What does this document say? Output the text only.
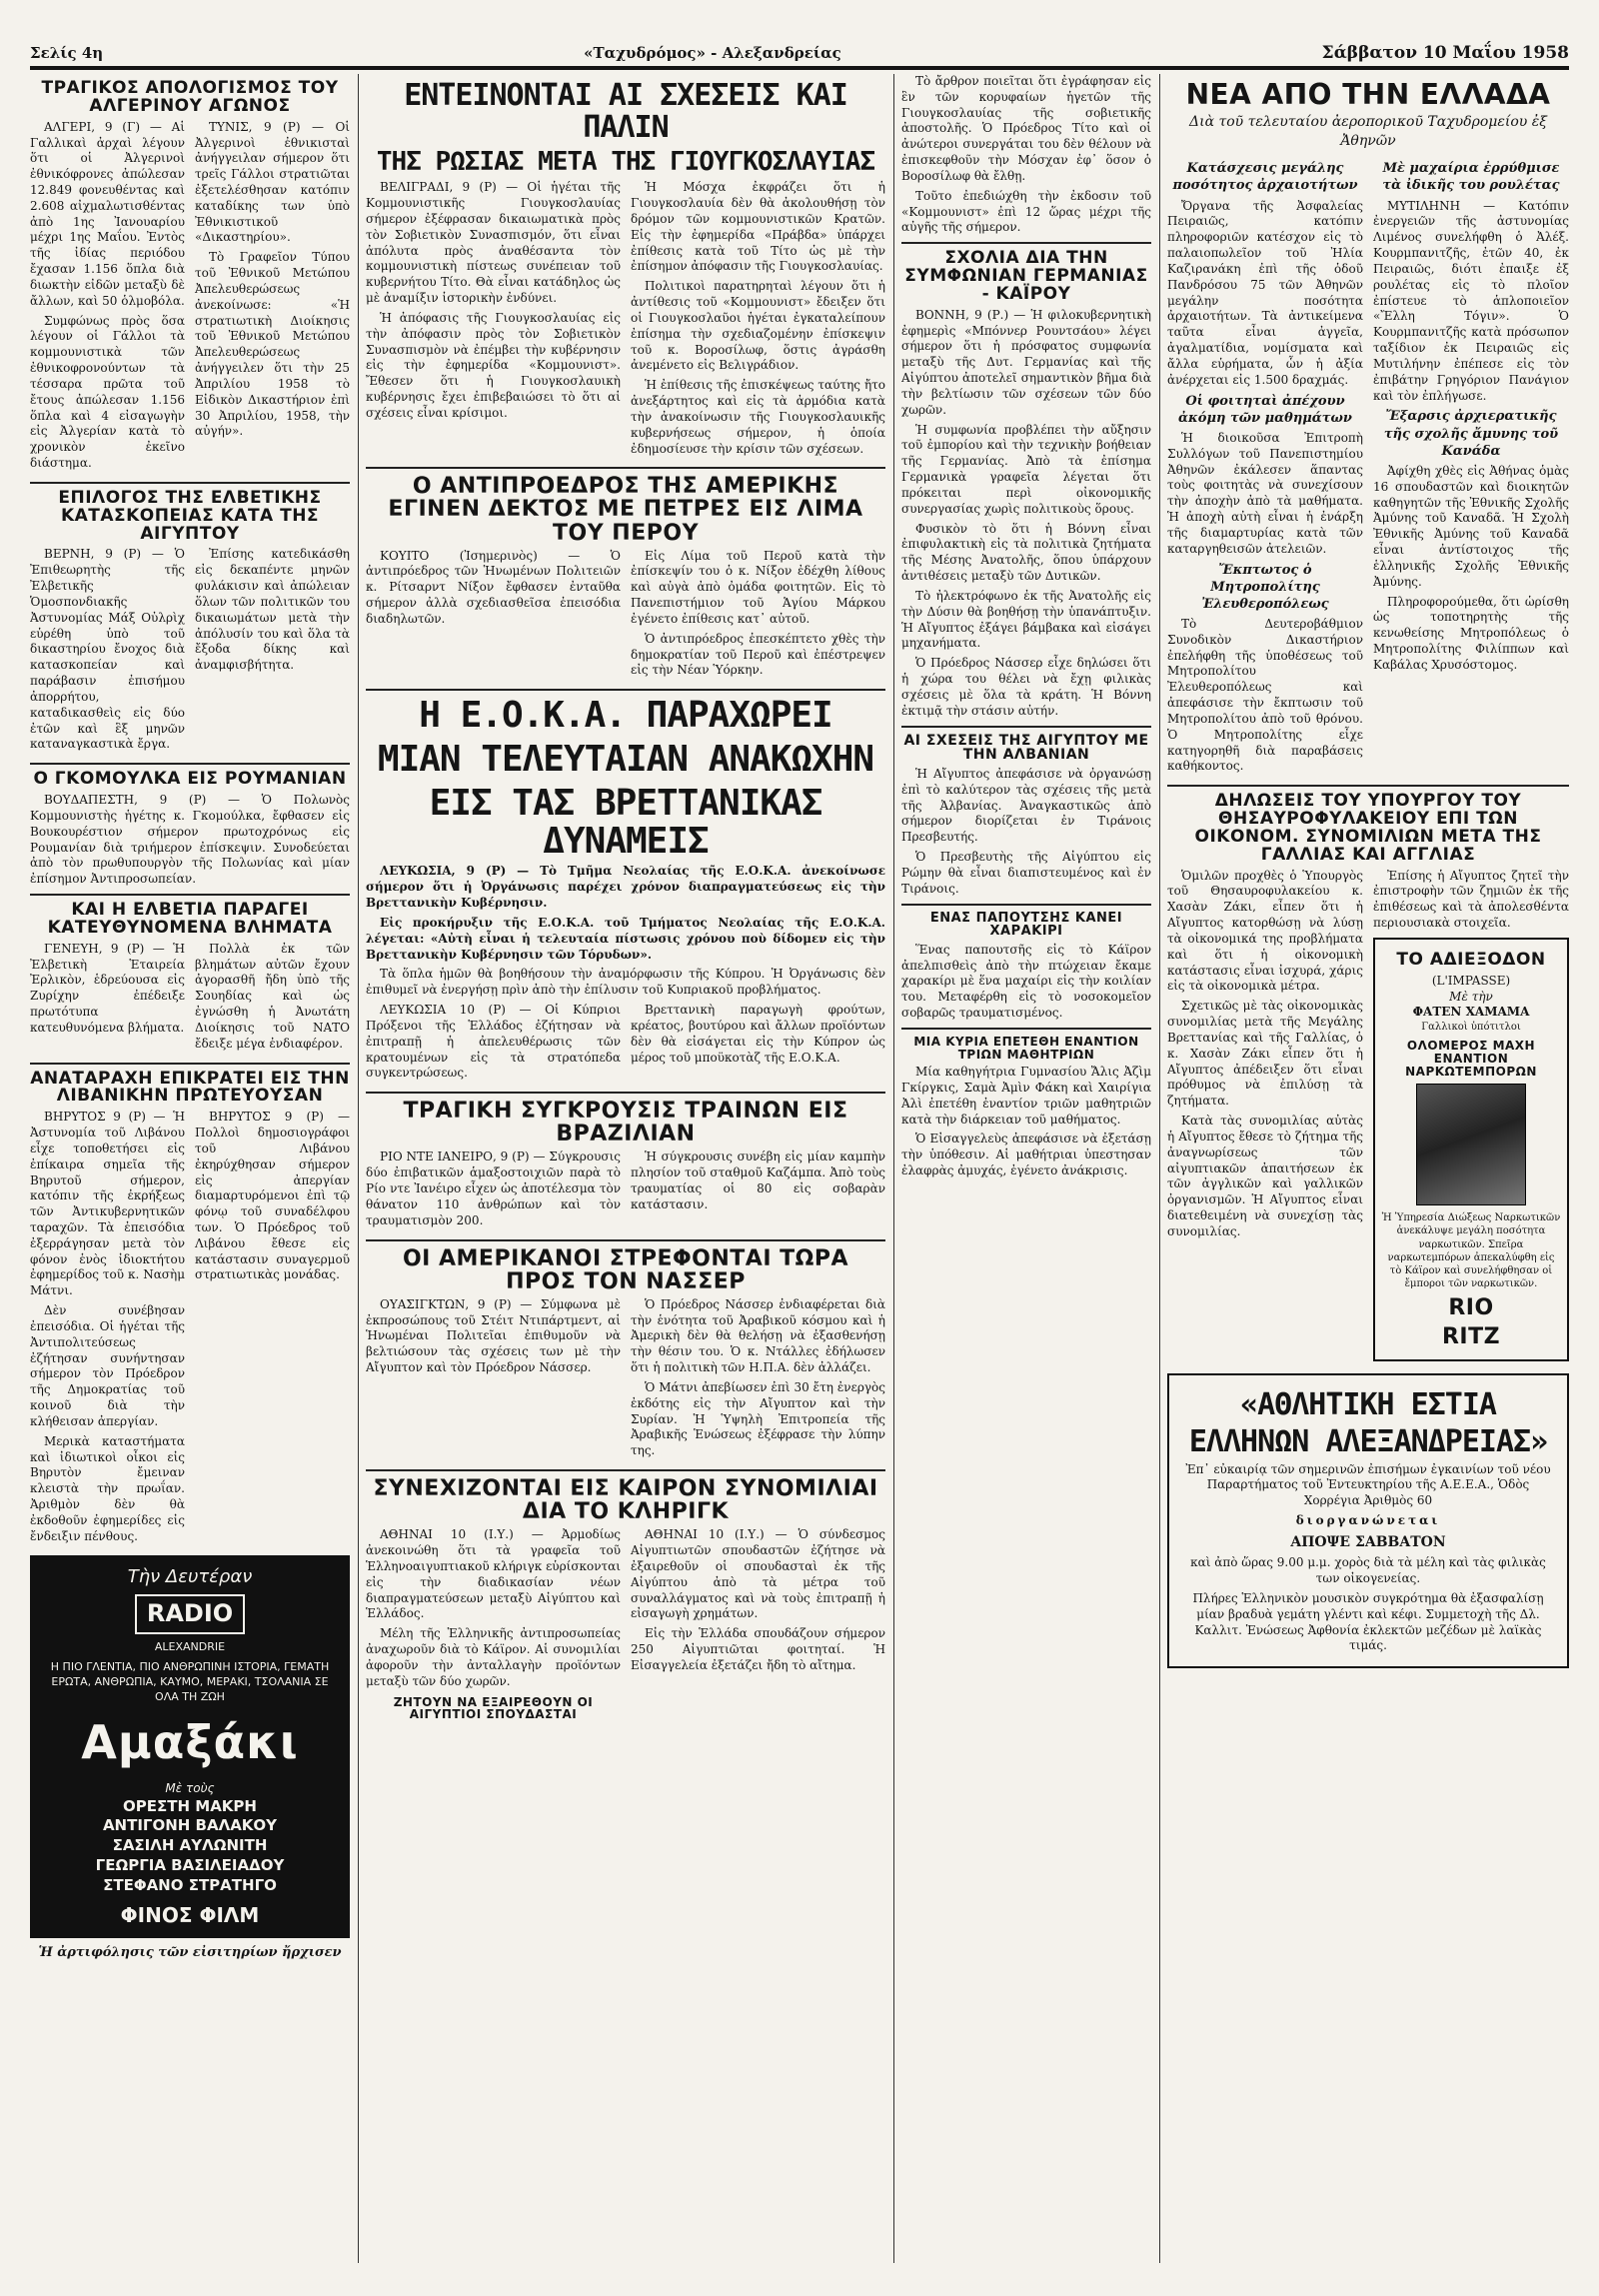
Σελίς 4η	«Ταχυδρόμος» - Αλεξανδρείας	Σάββατον 10 Μαΐου 1958
ΤΡΑΓΙΚΟΣ ΑΠΟΛΟΓΙΣΜΟΣ ΤΟΥ ΑΛΓΕΡΙΝΟΥ ΑΓΩΝΟΣ

ΑΛΓΕΡΙ, 9 (Γ) — Αἱ Γαλλικαὶ ἀρχαὶ λέγουν ὅτι οἱ Ἀλγερινοὶ ἐθνικόφρονες ἀπώλεσαν 12.849 φονευθέντας καὶ 2.608 αἰχμαλωτισθέντας ἀπὸ 1ης Ἰανουαρίου μέχρι 1ης Μαΐου. Ἐντὸς τῆς ἰδίας περιόδου ἔχασαν 1.156 ὅπλα διὰ διωκτὴν εἰδῶν μεταξὺ δὲ ἄλλων, καὶ 50 ὁλμοβόλα.

Συμφώνως πρὸς ὅσα λέγουν οἱ Γάλλοι τὰ κομμουνιστικὰ τῶν ἐθνικοφρονούντων τὰ τέσσαρα πρῶτα τοῦ ἔτους ἀπώλεσαν 1.156 ὅπλα καὶ 4 εἰσαγωγὴν εἰς Ἀλγερίαν κατὰ τὸ χρονικὸν ἐκεῖνο διάστημα.

ΤΥΝΙΣ, 9 (Ρ) — Οἱ Ἀλγερινοὶ ἐθνικισταὶ ἀνήγγειλαν σήμερον ὅτι τρεῖς Γάλλοι στρατιῶται ἐξετελέσθησαν κατόπιν καταδίκης των ὑπὸ Ἐθνικιστικοῦ «Δικαστηρίου».

Τὸ Γραφεῖον Τύπου τοῦ Ἐθνικοῦ Μετώπου Ἀπελευθερώσεως ἀνεκοίνωσε: «Ἡ στρατιωτικὴ Διοίκησις τοῦ Ἐθνικοῦ Μετώπου Ἀπελευθερώσεως ἀνήγγειλεν ὅτι τὴν 25 Ἀπριλίου 1958 τὸ Εἰδικὸν Δικαστήριον ἐπὶ 30 Ἀπριλίου, 1958, τὴν αὐγήν».

ΕΠΙΛΟΓΟΣ ΤΗΣ ΕΛΒΕΤΙΚΗΣ ΚΑΤΑΣΚΟΠΕΙΑΣ ΚΑΤΑ ΤΗΣ ΑΙΓΥΠΤΟΥ

ΒΕΡΝΗ, 9 (Ρ) — Ὁ Ἐπιθεωρητὴς τῆς Ἐλβετικῆς Ὁμοσπονδιακῆς Ἀστυνομίας Μάξ Οὐλρὶχ εὑρέθη ὑπὸ τοῦ δικαστηρίου ἔνοχος διὰ κατασκοπείαν καὶ παράβασιν ἐπισήμου ἀπορρήτου, καταδικασθεὶς εἰς δύο ἐτῶν καὶ ἓξ μηνῶν καταναγκαστικὰ ἔργα.

Ἐπίσης κατεδικάσθη εἰς δεκαπέντε μηνῶν φυλάκισιν καὶ ἀπώλειαν ὅλων τῶν πολιτικῶν του δικαιωμάτων μετὰ τὴν ἀπόλυσίν του καὶ ὅλα τὰ ἔξοδα δίκης καὶ ἀναμφισβήτητα.

Ο ΓΚΟΜΟΥΛΚΑ ΕΙΣ ΡΟΥΜΑΝΙΑΝ

ΒΟΥΔΑΠΕΣΤΗ, 9 (Ρ) — Ὁ Πολωνὸς Κομμουνιστὴς ἡγέτης κ. Γκομούλκα, ἔφθασεν εἰς Βουκουρέστιον σήμερον πρωτοχρόνως εἰς Ρουμανίαν διὰ τριήμερον ἐπίσκεψιν. Συνοδεύεται ἀπὸ τὸν πρωθυπουργὸν τῆς Πολωνίας καὶ μίαν ἐπίσημον Ἀντιπροσωπείαν.

ΚΑΙ Η ΕΛΒΕΤΙΑ ΠΑΡΑΓΕΙ ΚΑΤΕΥΘΥΝΟΜΕΝΑ ΒΛΗΜΑΤΑ

ΓΕΝΕΥΗ, 9 (Ρ) — Ἡ Ἐλβετικὴ Ἑταιρεία Ἐρλικὸν, ἑδρεύουσα εἰς Ζυρίχην ἐπέδειξε πρωτότυπα κατευθυνόμενα βλήματα.

Πολλὰ ἐκ τῶν βλημάτων αὐτῶν ἔχουν ἀγορασθῆ ἤδη ὑπὸ τῆς Σουηδίας καὶ ὡς ἐγνώσθη ἡ Ἀνωτάτη Διοίκησις τοῦ ΝΑΤΟ ἔδειξε μέγα ἐνδιαφέρον.

ΑΝΑΤΑΡΑΧΗ ΕΠΙΚΡΑΤΕΙ ΕΙΣ ΤΗΝ ΛΙΒΑΝΙΚΗΝ ΠΡΩΤΕΥΟΥΣΑΝ

ΒΗΡΥΤΟΣ 9 (Ρ) — Ἡ Ἀστυνομία τοῦ Λιβάνου εἶχε τοποθετήσει εἰς ἐπίκαιρα σημεῖα τῆς Βηρυτοῦ σήμερον, κατόπιν τῆς ἐκρήξεως τῶν Ἀντικυβερνητικῶν ταραχῶν. Τὰ ἐπεισόδια ἐξερράγησαν μετὰ τὸν φόνον ἑνὸς ἰδιοκτήτου ἐφημερίδος τοῦ κ. Νασὴμ Μάτνι.

Δὲν συνέβησαν ἐπεισόδια. Οἱ ἡγέται τῆς Ἀντιπολιτεύσεως ἐζήτησαν συνήντησαν σήμερον τὸν Πρόεδρον τῆς Δημοκρατίας τοῦ κοινοῦ διὰ τὴν κλήθεισαν ἀπεργίαν.

Μερικὰ καταστήματα καὶ ἰδιωτικοὶ οἶκοι εἰς Βηρυτὸν ἔμειναν κλειστὰ τὴν πρωΐαν. Ἀριθμὸν δὲν θὰ ἐκδοθοῦν ἐφημερίδες εἰς ἔνδειξιν πένθους.

ΒΗΡΥΤΟΣ 9 (Ρ) — Πολλοὶ δημοσιογράφοι τοῦ Λιβάνου ἐκηρύχθησαν σήμερον εἰς ἀπεργίαν διαμαρτυρόμενοι ἐπὶ τῷ φόνῳ τοῦ συναδέλφου των. Ὁ Πρόεδρος τοῦ Λιβάνου ἔθεσε εἰς κατάστασιν συναγερμοῦ στρατιωτικὰς μονάδας.

Τὴν Δευτέραν
RADIO
ALEXANDRIE
Η ΠΙΟ ΓΛΕΝΤΙΑ, ΠΙΟ ΑΝΘΡΩΠΙΝΗ ΙΣΤΟΡΙΑ, ΓΕΜΑΤΗ ΕΡΩΤΑ, ΑΝΘΡΩΠΙΑ, ΚΑΥΜΟ, ΜΕΡΑΚΙ, ΤΣΟΛΑΝΙΑ ΣΕ ΟΛΑ ΤΗ ΖΩΗ
Αμαξάκι
Μὲ τοὺς
ΟΡΕΣΤΗ ΜΑΚΡΗ
ΑΝΤΙΓΟΝΗ ΒΑΛΑΚΟΥ
ΣΑΣΙΛΗ ΑΥΛΩΝΙΤΗ
ΓΕΩΡΓΙΑ ΒΑΣΙΛΕΙΑΔΟΥ
ΣΤΕΦΑΝΟ ΣΤΡΑΤΗΓΟ
ΦΙΝΟΣ ΦΙΛΜ
Ἡ ἀρτιφόλησις τῶν εἰσιτηρίων ἤρχισεν
ΕΝΤΕΙΝΟΝΤΑΙ ΑΙ ΣΧΕΣΕΙΣ ΚΑΙ ΠΑΛΙΝ
ΤΗΣ ΡΩΣΙΑΣ ΜΕΤΑ ΤΗΣ ΓΙΟΥΓΚΟΣΛΑΥΙΑΣ

ΒΕΛΙΓΡΑΔΙ, 9 (Ρ) — Οἱ ἡγέται τῆς Κομμουνιστικῆς Γιουγκοσλαυίας σήμερον ἐξέφρασαν δικαιωματικὰ πρὸς τὸν Σοβιετικὸν Συνασπισμόν, ὅτι εἶναι ἀπόλυτα πρὸς ἀναθέσαντα τὸν κομμουνιστικὴ πίστεως συνέπειαν τοῦ κυβερνήτου Τίτο. Θὰ εἶναι κατάδηλος ὡς μὲ ἀναμίξιν ἱστορικὴν ἐνδύνει.

Ἡ ἀπόφασις τῆς Γιουγκοσλαυίας εἰς τὴν ἀπόφασιν πρὸς τὸν Σοβιετικὸν Συνασπισμὸν νὰ ἐπέμβει τὴν κυβέρνησιν εἰς τὴν ἐφημερίδα «Κομμουνιστ». Ἔθεσεν ὅτι ἡ Γιουγκοσλαυικὴ κυβέρνησις ἔχει ἐπιβεβαιώσει τὸ ὅτι αἱ σχέσεις εἶναι κρίσιμοι.

Ἡ Μόσχα ἐκφράζει ὅτι ἡ Γιουγκοσλαυία δὲν θὰ ἀκολουθήσῃ τὸν δρόμον τῶν κομμουνιστικῶν Κρατῶν. Εἰς τὴν ἐφημερίδα «Πράβδα» ὑπάρχει ἐπίθεσις κατὰ τοῦ Τίτο ὡς μὲ τὴν ἐπίσημον ἀπόφασιν τῆς Γιουγκοσλαυίας.

Πολιτικοὶ παρατηρηταὶ λέγουν ὅτι ἡ ἀντίθεσις τοῦ «Κομμουνιστ» ἔδειξεν ὅτι οἱ Γιουγκοσλαῦοι ἡγέται ἐγκαταλείπουν ἐπίσημα τὴν σχεδιαζομένην ἐπίσκεψιν τοῦ κ. Βοροσίλωφ, ὅστις ἀγράσθη ἀνεμένετο εἰς Βελιγράδιον.

Ἡ ἐπίθεσις τῆς ἐπισκέψεως ταύτης ἤτο ἀνεξάρτητος καὶ εἰς τὰ ἀρμόδια κατὰ τὴν ἀνακοίνωσιν τῆς Γιουγκοσλαυικῆς κυβερνήσεως σήμερον, ἡ ὁποία ἐδημοσίευσε τὴν κρίσιν τῶν σχέσεων.

Ο ΑΝΤΙΠΡΟΕΔΡΟΣ ΤΗΣ ΑΜΕΡΙΚΗΣ ΕΓΙΝΕΝ ΔΕΚΤΟΣ ΜΕ ΠΕΤΡΕΣ ΕΙΣ ΛΙΜΑ ΤΟΥ ΠΕΡΟΥ

ΚΟΥΙΤΟ (Ἰσημερινὸς) — Ὁ ἀντιπρόεδρος τῶν Ἡνωμένων Πολιτειῶν κ. Ρίτσαρντ Νίξον ἔφθασεν ἐνταῦθα σήμερον ἀλλὰ σχεδιασθεῖσα ἐπεισόδια διαδηλωτῶν.

Εἰς Λίμα τοῦ Περοῦ κατὰ τὴν ἐπίσκεψίν του ὁ κ. Νίξον ἐδέχθη λίθους καὶ αὐγὰ ἀπὸ ὀμάδα φοιτητῶν. Εἰς τὸ Πανεπιστήμιον τοῦ Ἁγίου Μάρκου ἐγένετο ἐπίθεσις κατ᾿ αὐτοῦ.

Ὁ ἀντιπρόεδρος ἐπεσκέπτετο χθὲς τὴν δημοκρατίαν τοῦ Περοῦ καὶ ἐπέστρεψεν εἰς τὴν Νέαν Ὑόρκην.

Η Ε.Ο.Κ.Α. ΠΑΡΑΧΩΡΕΙ
ΜΙΑΝ ΤΕΛΕΥΤΑΙΑΝ ΑΝΑΚΩΧΗΝ
ΕΙΣ ΤΑΣ ΒΡΕΤΤΑΝΙΚΑΣ ΔΥΝΑΜΕΙΣ

ΛΕΥΚΩΣΙΑ, 9 (Ρ) — Τὸ Τμῆμα Νεολαίας τῆς Ε.Ο.Κ.Α. ἀνεκοίνωσε σήμερον ὅτι ἡ Ὀργάνωσις παρέχει χρόνον διαπραγματεύσεως εἰς τὴν Βρεττανικὴν Κυβέρνησιν.

Εἰς προκήρυξιν τῆς Ε.Ο.Κ.Α. τοῦ Τμήματος Νεολαίας τῆς Ε.Ο.Κ.Α. λέγεται: «Αὐτὴ εἶναι ἡ τελευταία πίστωσις χρόνου ποὺ δίδομεν εἰς τὴν Βρεττανικὴν Κυβέρνησιν τῶν Τόρυδων».

Τὰ ὅπλα ἡμῶν θὰ βοηθήσουν τὴν ἀναμόρφωσιν τῆς Κύπρου. Ἡ Ὀργάνωσις δὲν ἐπιθυμεῖ νὰ ἐνεργήσῃ πρὶν ἀπὸ τὴν ἐπίλυσιν τοῦ Κυπριακοῦ προβλήματος.

ΛΕΥΚΩΣΙΑ 10 (Ρ) — Οἱ Κύπριοι Πρόξενοι τῆς Ἑλλάδος ἐζήτησαν νὰ ἐπιτραπῇ ἡ ἀπελευθέρωσις τῶν κρατουμένων εἰς τὰ στρατόπεδα συγκεντρώσεως.

Βρεττανικὴ παραγωγὴ φρούτων, κρέατος, βουτύρου καὶ ἄλλων προϊόντων δὲν θὰ εἰσάγεται εἰς τὴν Κύπρον ὡς μέρος τοῦ μποϋκοτὰζ τῆς Ε.Ο.Κ.Α.

ΤΡΑΓΙΚΗ ΣΥΓΚΡΟΥΣΙΣ ΤΡΑΙΝΩΝ ΕΙΣ ΒΡΑΖΙΛΙΑΝ

ΡΙΟ ΝΤΕ ΙΑΝΕΙΡΟ, 9 (Ρ) — Σύγκρουσις δύο ἐπιβατικῶν ἁμαξοστοιχιῶν παρὰ τὸ Ρίο ντε Ἰανέιρο εἶχεν ὡς ἀποτέλεσμα τὸν θάνατον 110 ἀνθρώπων καὶ τὸν τραυματισμὸν 200.

Ἡ σύγκρουσις συνέβη εἰς μίαν καμπὴν πλησίον τοῦ σταθμοῦ Καζάμπα. Ἀπὸ τοὺς τραυματίας οἱ 80 εἰς σοβαρὰν κατάστασιν.

ΟΙ ΑΜΕΡΙΚΑΝΟΙ ΣΤΡΕΦΟΝΤΑΙ ΤΩΡΑ ΠΡΟΣ ΤΟΝ ΝΑΣΣΕΡ

ΟΥΑΣΙΓΚΤΩΝ, 9 (Ρ) — Σύμφωνα μὲ ἐκπροσώπους τοῦ Στέιτ Ντιπάρτμεντ, αἱ Ἡνωμέναι Πολιτεῖαι ἐπιθυμοῦν νὰ βελτιώσουν τὰς σχέσεις των μὲ τὴν Αἴγυπτον καὶ τὸν Πρόεδρον Νάσσερ.

Ὁ Πρόεδρος Νάσσερ ἐνδιαφέρεται διὰ τὴν ἑνότητα τοῦ Ἀραβικοῦ κόσμου καὶ ἡ Ἀμερικὴ δὲν θὰ θελήσῃ νὰ ἐξασθενήσῃ τὴν θέσιν του. Ὁ κ. Ντάλλες ἐδήλωσεν ὅτι ἡ πολιτικὴ τῶν Η.Π.Α. δὲν ἀλλάζει.

Ὁ Μάτνι ἀπεβίωσεν ἐπὶ 30 ἔτη ἐνεργὸς ἐκδότης εἰς τὴν Αἴγυπτον καὶ τὴν Συρίαν. Ἡ Ὑψηλὴ Ἐπιτροπεία τῆς Ἀραβικῆς Ἑνώσεως ἐξέφρασε τὴν λύπην της.

ΣΥΝΕΧΙΖΟΝΤΑΙ ΕΙΣ ΚΑΙΡΟΝ ΣΥΝΟΜΙΛΙΑΙ ΔΙΑ ΤΟ ΚΛΗΡΙΓΚ

ΑΘΗΝΑΙ 10 (Ι.Υ.) — Ἀρμοδίως ἀνεκοινώθη ὅτι τὰ γραφεῖα τοῦ Ἑλληνοαιγυπτιακοῦ κλήριγκ εὑρίσκονται εἰς τὴν διαδικασίαν νέων διαπραγματεύσεων μεταξὺ Αἰγύπτου καὶ Ἑλλάδος.

Μέλη τῆς Ἑλληνικῆς ἀντιπροσωπείας ἀναχωροῦν διὰ τὸ Κάϊρον. Αἱ συνομιλίαι ἀφοροῦν τὴν ἀνταλλαγὴν προϊόντων μεταξὺ τῶν δύο χωρῶν.

ΖΗΤΟΥΝ ΝΑ ΕΞΑΙΡΕΘΟΥΝ ΟΙ ΑΙΓΥΠΤΙΟΙ ΣΠΟΥΔΑΣΤΑΙ

ΑΘΗΝΑΙ 10 (Ι.Υ.) — Ὁ σύνδεσμος Αἰγυπτιωτῶν σπουδαστῶν ἐζήτησε νὰ ἐξαιρεθοῦν οἱ σπουδασταὶ ἐκ τῆς Αἰγύπτου ἀπὸ τὰ μέτρα τοῦ συναλλάγματος καὶ νὰ τοὺς ἐπιτραπῇ ἡ εἰσαγωγὴ χρημάτων.

Εἰς τὴν Ἑλλάδα σπουδάζουν σήμερον 250 Αἰγυπτιῶται φοιτηταί. Ἡ Εἰσαγγελεία ἐξετάζει ἤδη τὸ αἴτημα.

Τὸ ἄρθρον ποιεῖται ὅτι ἐγράφησαν εἰς ἓν τῶν κορυφαίων ἡγετῶν τῆς Γιουγκοσλαυίας τῆς σοβιετικῆς ἀποστολῆς. Ὁ Πρόεδρος Τίτο καὶ οἱ ἀνώτεροι συνεργάται του δὲν θέλουν νὰ ἐπισκεφθοῦν τὴν Μόσχαν ἐφ᾿ ὅσον ὁ Βοροσίλωφ θὰ ἔλθῃ.

Τοῦτο ἐπεδιώχθη τὴν ἐκδοσιν τοῦ «Κομμουνιστ» ἐπὶ 12 ὥρας μέχρι τῆς αὐγῆς τῆς σήμερον.

ΣΧΟΛΙΑ ΔΙΑ ΤΗΝ ΣΥΜΦΩΝΙΑΝ ΓΕΡΜΑΝΙΑΣ - ΚΑΪΡΟΥ

ΒΟΝΝΗ, 9 (Ρ.) — Ἡ φιλοκυβερνητικὴ ἐφημερὶς «Μπόννερ Ρουντσάου» λέγει σήμερον ὅτι ἡ πρόσφατος συμφωνία μεταξὺ τῆς Δυτ. Γερμανίας καὶ τῆς Αἰγύπτου ἀποτελεῖ σημαντικὸν βῆμα διὰ τὴν βελτίωσιν τῶν σχέσεων τῶν δύο χωρῶν.

Ἡ συμφωνία προβλέπει τὴν αὔξησιν τοῦ ἐμπορίου καὶ τὴν τεχνικὴν βοήθειαν τῆς Γερμανίας. Ἀπὸ τὰ ἐπίσημα Γερμανικὰ γραφεῖα λέγεται ὅτι πρόκειται περὶ οἰκονομικῆς συνεργασίας χωρὶς πολιτικοὺς ὅρους.

Φυσικὸν τὸ ὅτι ἡ Βόννη εἶναι ἐπιφυλακτικὴ εἰς τὰ πολιτικὰ ζητήματα τῆς Μέσης Ἀνατολῆς, ὅπου ὑπάρχουν ἀντιθέσεις μεταξὺ τῶν Δυτικῶν.

Τὸ ἠλεκτρόφωνο ἐκ τῆς Ἀνατολῆς εἰς τὴν Δύσιν θὰ βοηθήσῃ τὴν ὑπανάπτυξιν. Ἡ Αἴγυπτος ἐξάγει βάμβακα καὶ εἰσάγει μηχανήματα.

Ὁ Πρόεδρος Νάσσερ εἶχε δηλώσει ὅτι ἡ χώρα του θέλει νὰ ἔχῃ φιλικὰς σχέσεις μὲ ὅλα τὰ κράτη. Ἡ Βόννη ἐκτιμᾷ τὴν στάσιν αὐτήν.

ΑΙ ΣΧΕΣΕΙΣ ΤΗΣ ΑΙΓΥΠΤΟΥ ΜΕ ΤΗΝ ΑΛΒΑΝΙΑΝ

Ἡ Αἴγυπτος ἀπεφάσισε νὰ ὀργανώσῃ ἐπὶ τὸ καλύτερον τὰς σχέσεις τῆς μετὰ τῆς Ἀλβανίας. Ἀναγκαστικῶς ἀπὸ σήμερον διορίζεται ἐν Τιράνοις Πρεσβευτής.

Ὁ Πρεσβευτὴς τῆς Αἰγύπτου εἰς Ρώμην θὰ εἶναι διαπιστευμένος καὶ ἐν Τιράνοις.

ΕΝΑΣ ΠΑΠΟΥΤΣΗΣ ΚΑΝΕΙ ΧΑΡΑΚΙΡΙ

Ἕνας παπουτσῆς εἰς τὸ Κάϊρον ἀπελπισθεὶς ἀπὸ τὴν πτώχειαν ἔκαμε χαρακίρι μὲ ἕνα μαχαίρι εἰς τὴν κοιλίαν του. Μεταφέρθη εἰς τὸ νοσοκομεῖον σοβαρῶς τραυματισμένος.

ΜΙΑ ΚΥΡΙΑ ΕΠΕΤΕΘΗ ΕΝΑΝΤΙΟΝ ΤΡΙΩΝ ΜΑΘΗΤΡΙΩΝ

Μία καθηγήτρια Γυμνασίου Ἄλις Ἀζὶμ Γκίργκις, Σαμὰ Ἀμὶν Φάκη καὶ Χαιρίγια Ἀλὶ ἐπετέθη ἐναντίον τριῶν μαθητριῶν κατὰ τὴν διάρκειαν τοῦ μαθήματος.

Ὁ Εἰσαγγελεὺς ἀπεφάσισε νὰ ἐξετάσῃ τὴν ὑπόθεσιν. Αἱ μαθήτριαι ὑπεστησαν ἐλαφρὰς ἀμυχάς, ἐγένετο ἀνάκρισις.

ΝΕΑ ΑΠΟ ΤΗΝ ΕΛΛΑΔΑ
Διὰ τοῦ τελευταίου ἀεροπορικοῦ Ταχυδρομείου ἐξ Ἀθηνῶν
Κατάσχεσις μεγάλης ποσότητος ἀρχαιοτήτων

Ὄργανα τῆς Ἀσφαλείας Πειραιῶς, κατόπιν πληροφοριῶν κατέσχον εἰς τὸ παλαιοπωλεῖον τοῦ Ἠλία Καζιρανάκη ἐπὶ τῆς ὁδοῦ Πανδρόσου 75 τῶν Ἀθηνῶν μεγάλην ποσότητα ἀρχαιοτήτων. Τὰ ἀντικείμενα ταῦτα εἶναι ἀγγεῖα, ἀγαλματίδια, νομίσματα καὶ ἄλλα εὑρήματα, ὧν ἡ ἀξία ἀνέρχεται εἰς 1.500 δραχμάς.

Οἱ φοιτηταὶ ἀπέχουν ἀκόμη τῶν μαθημάτων

Ἡ διοικοῦσα Ἐπιτροπὴ Συλλόγων τοῦ Πανεπιστημίου Ἀθηνῶν ἐκάλεσεν ἅπαντας τοὺς φοιτητὰς νὰ συνεχίσουν τὴν ἀποχὴν ἀπὸ τὰ μαθήματα. Ἡ ἀποχὴ αὐτὴ εἶναι ἡ ἐνάρξη τῆς διαμαρτυρίας κατὰ τῶν καταργηθεισῶν ἀτελειῶν.

Ἔκπτωτος ὁ Μητροπολίτης Ἐλευθεροπόλεως

Τὸ Δευτεροβάθμιον Συνοδικὸν Δικαστήριον ἐπελήφθη τῆς ὑποθέσεως τοῦ Μητροπολίτου Ἐλευθεροπόλεως καὶ ἀπεφάσισε τὴν ἔκπτωσιν τοῦ Μητροπολίτου ἀπὸ τοῦ θρόνου. Ὁ Μητροπολίτης εἶχε κατηγορηθῆ διὰ παραβάσεις καθήκοντος.

Μὲ μαχαίρια ἐρρύθμισε τὰ ἰδικῆς του ρουλέτας

ΜΥΤΙΛΗΝΗ — Κατόπιν ἐνεργειῶν τῆς ἀστυνομίας Λιμένος συνελήφθη ὁ Ἀλέξ. Κουρμπανιτζῆς, ἐτῶν 40, ἐκ Πειραιῶς, διότι ἐπαιξε ἐξ ρουλέτας εἰς τὸ πλοῖον ἐπίστευε τὸ ἁπλοποιεῖον «Ἔλλη Τόγιν». Ὁ Κουρμπανιτζῆς κατὰ πρόσωπον ταξίδιον ἐκ Πειραιῶς εἰς Μυτιλήνην ἐπέπεσε εἰς τὸν ἐπιβάτην Γρηγόριον Πανάγιον καὶ τὸν ἐπλήγωσε.

Ἔξαρσις ἀρχιερατικῆς τῆς σχολῆς ἄμυνης τοῦ Κανάδα

Ἀφίχθη χθὲς εἰς Ἀθήνας ὁμὰς 16 σπουδαστῶν καὶ διοικητῶν καθηγητῶν τῆς Ἐθνικῆς Σχολῆς Ἀμύνης τοῦ Καναδᾶ. Ἡ Σχολὴ Ἐθνικῆς Ἀμύνης τοῦ Καναδᾶ εἶναι ἀντίστοιχος τῆς ἑλληνικῆς Σχολῆς Ἐθνικῆς Ἀμύνης.

Πληροφορούμεθα, ὅτι ὡρίσθη ὡς τοποτηρητὴς τῆς κενωθείσης Μητροπόλεως ὁ Μητροπολίτης Φιλίππων καὶ Καβάλας Χρυσόστομος.

ΔΗΛΩΣΕΙΣ ΤΟΥ ΥΠΟΥΡΓΟΥ ΤΟΥ ΘΗΣΑΥΡΟΦΥΛΑΚΕΙΟΥ ΕΠΙ ΤΩΝ ΟΙΚΟΝΟΜ. ΣΥΝΟΜΙΛΙΩΝ ΜΕΤΑ ΤΗΣ ΓΑΛΛΙΑΣ ΚΑΙ ΑΓΓΛΙΑΣ

Ὁμιλῶν προχθὲς ὁ Ὑπουργὸς τοῦ Θησαυροφυλακείου κ. Χασὰν Ζάκι, εἶπεν ὅτι ἡ Αἴγυπτος κατορθώσῃ νὰ λύσῃ τὰ οἰκονομικά της προβλήματα καὶ ὅτι ἡ οἰκονομικὴ κατάστασις εἶναι ἰσχυρά, χάρις εἰς τὰ οἰκονομικὰ μέτρα.

Σχετικῶς μὲ τὰς οἰκονομικὰς συνομιλίας μετὰ τῆς Μεγάλης Βρεττανίας καὶ τῆς Γαλλίας, ὁ κ. Χασὰν Ζάκι εἶπεν ὅτι ἡ Αἴγυπτος ἀπέδειξεν ὅτι εἶναι πρόθυμος νὰ ἐπιλύσῃ τὰ ζητήματα.

Κατὰ τὰς συνομιλίας αὐτὰς ἡ Αἴγυπτος ἔθεσε τὸ ζήτημα τῆς ἀναγνωρίσεως τῶν αἰγυπτιακῶν ἀπαιτήσεων ἐκ τῶν ἀγγλικῶν καὶ γαλλικῶν ὀργανισμῶν. Ἡ Αἴγυπτος εἶναι διατεθειμένη νὰ συνεχίσῃ τὰς συνομιλίας.

Ἐπίσης ἡ Αἴγυπτος ζητεῖ τὴν ἐπιστροφὴν τῶν ζημιῶν ἐκ τῆς ἐπιθέσεως καὶ τὰ ἀπολεσθέντα περιουσιακὰ στοιχεῖα.

ΤΟ ΑΔΙΕΞΟΔΟΝ
(L'IMPASSE)
Μὲ τὴν
ΦΑΤΕΝ ΧΑΜΑΜΑ
Γαλλικοὶ ὑπότιτλοι
ΟΛΟΜΕΡΟΣ ΜΑΧΗ ΕΝΑΝΤΙΟΝ ΝΑΡΚΩΤΕΜΠΟΡΩΝ
Ἡ Ὑπηρεσία Διώξεως Ναρκωτικῶν ἀνεκάλυψε μεγάλη ποσότητα ναρκωτικῶν. Σπεῖρα ναρκωτεμπόρων ἀπεκαλύφθη εἰς τὸ Κάϊρον καὶ συνελήφθησαν οἱ ἔμποροι τῶν ναρκωτικῶν.
RIO
RITZ
«ΑΘΛΗΤΙΚΗ ΕΣΤΙΑ
ΕΛΛΗΝΩΝ ΑΛΕΞΑΝΔΡΕΙΑΣ»

Ἐπ᾿ εὐκαιρίᾳ τῶν σημερινῶν ἐπισήμων ἐγκαινίων τοῦ νέου Παραρτήματος τοῦ Ἐντευκτηρίου τῆς Α.Ε.Ε.Α., Ὁδὸς Χορρέγια Ἀριθμὸς 60

διοργανώνεται

ΑΠΟΨΕ ΣΑΒΒΑΤΟΝ

καὶ ἀπὸ ὥρας 9.00 μ.μ. χορὸς διὰ τὰ μέλη καὶ τὰς φιλικὰς των οἰκογενείας.

Πλήρες Ἑλληνικὸν μουσικὸν συγκρότημα θὰ ἐξασφαλίσῃ μίαν βραδυὰ γεμάτη γλέντι καὶ κέφι. Συμμετοχὴ τῆς Δλ. Καλλιτ. Ἑνώσεως Ἀφθονία ἐκλεκτῶν μεζέδων μὲ λαϊκὰς τιμάς.
